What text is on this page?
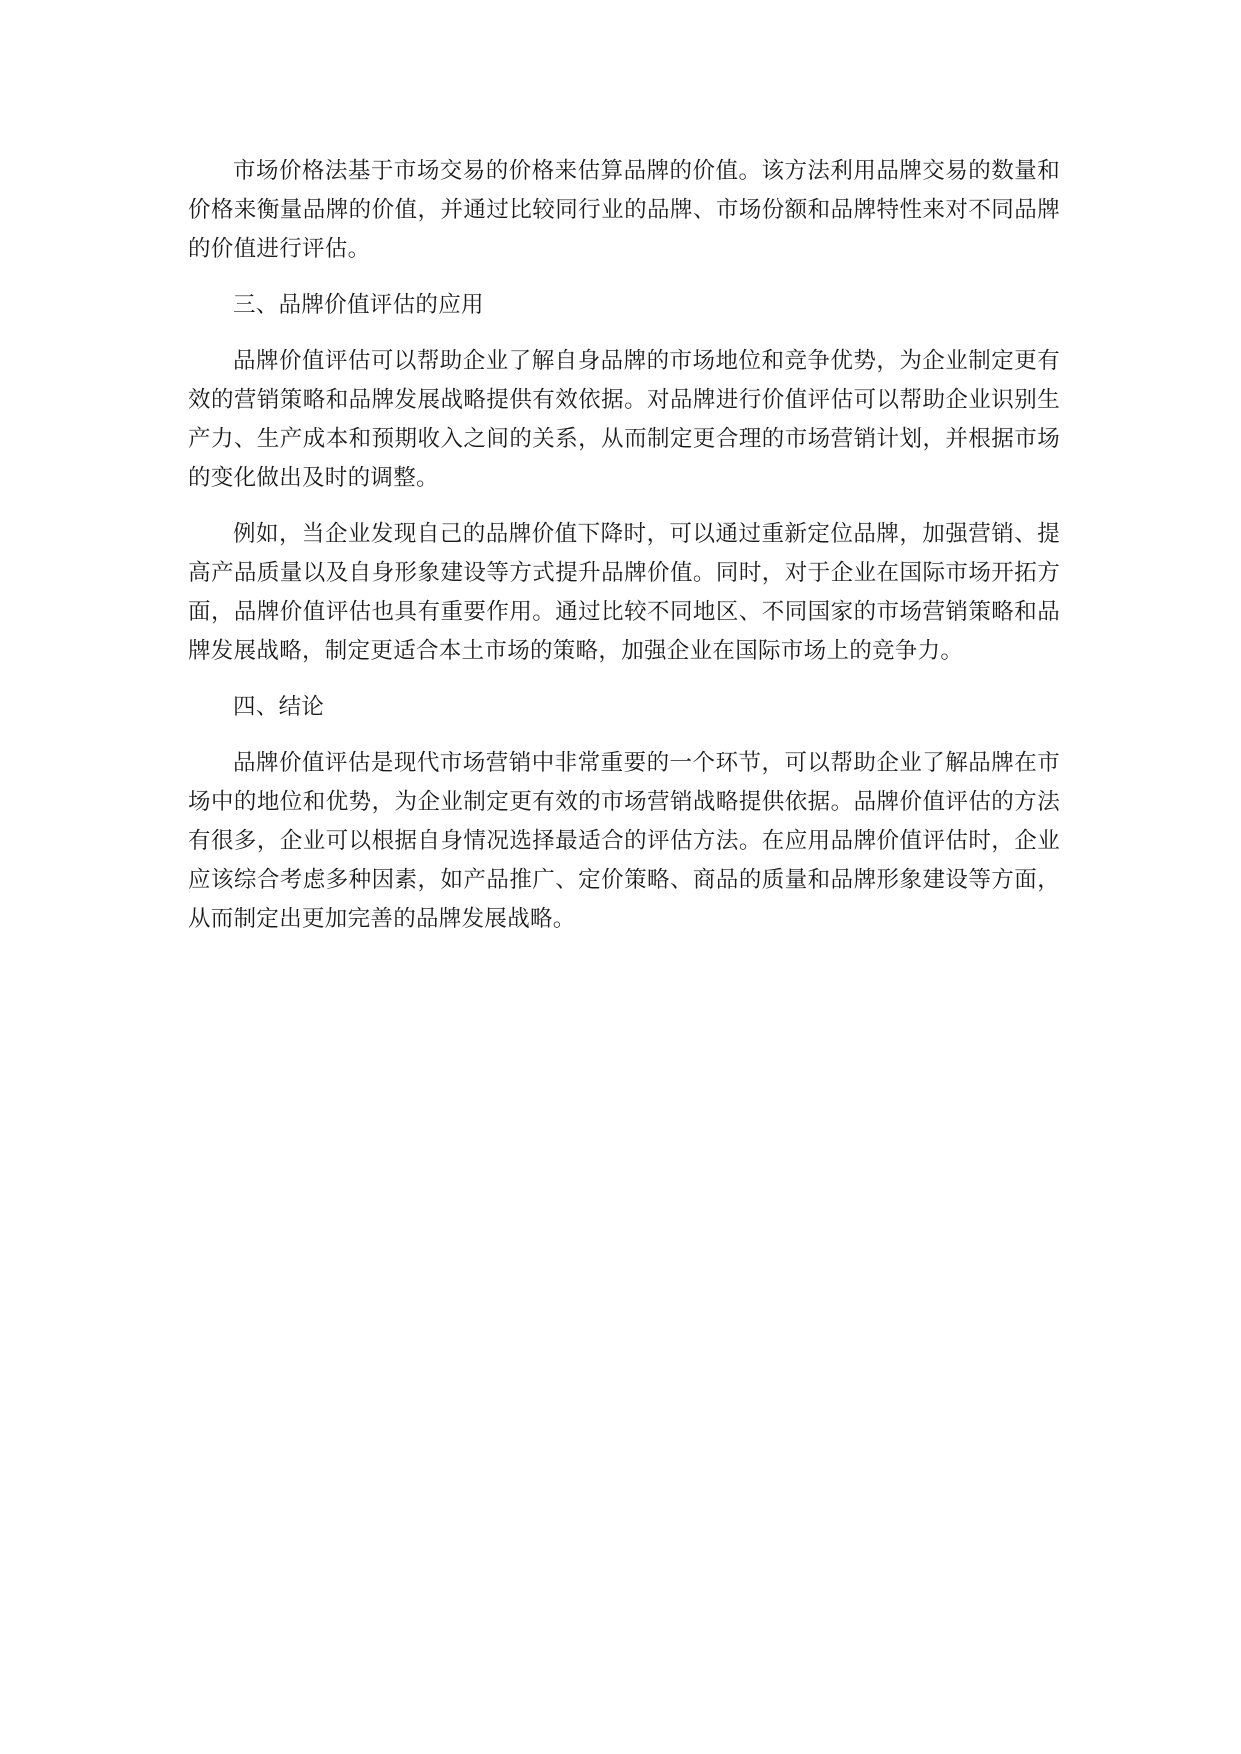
市场价格法基于市场交易的价格来估算品牌的价值。该方法利用品牌交易的数量和价格来衡量品牌的价值，并通过比较同行业的品牌、市场份额和品牌特性来对不同品牌的价值进行评估。

三、品牌价值评估的应用

品牌价值评估可以帮助企业了解自身品牌的市场地位和竞争优势，为企业制定更有效的营销策略和品牌发展战略提供有效依据。对品牌进行价值评估可以帮助企业识别生产力、生产成本和预期收入之间的关系，从而制定更合理的市场营销计划，并根据市场的变化做出及时的调整。

例如，当企业发现自己的品牌价值下降时，可以通过重新定位品牌，加强营销、提高产品质量以及自身形象建设等方式提升品牌价值。同时，对于企业在国际市场开拓方面，品牌价值评估也具有重要作用。通过比较不同地区、不同国家的市场营销策略和品牌发展战略，制定更适合本土市场的策略，加强企业在国际市场上的竞争力。

四、结论

品牌价值评估是现代市场营销中非常重要的一个环节，可以帮助企业了解品牌在市场中的地位和优势，为企业制定更有效的市场营销战略提供依据。品牌价值评估的方法有很多，企业可以根据自身情况选择最适合的评估方法。在应用品牌价值评估时，企业应该综合考虑多种因素，如产品推广、定价策略、商品的质量和品牌形象建设等方面，从而制定出更加完善的品牌发展战略。
